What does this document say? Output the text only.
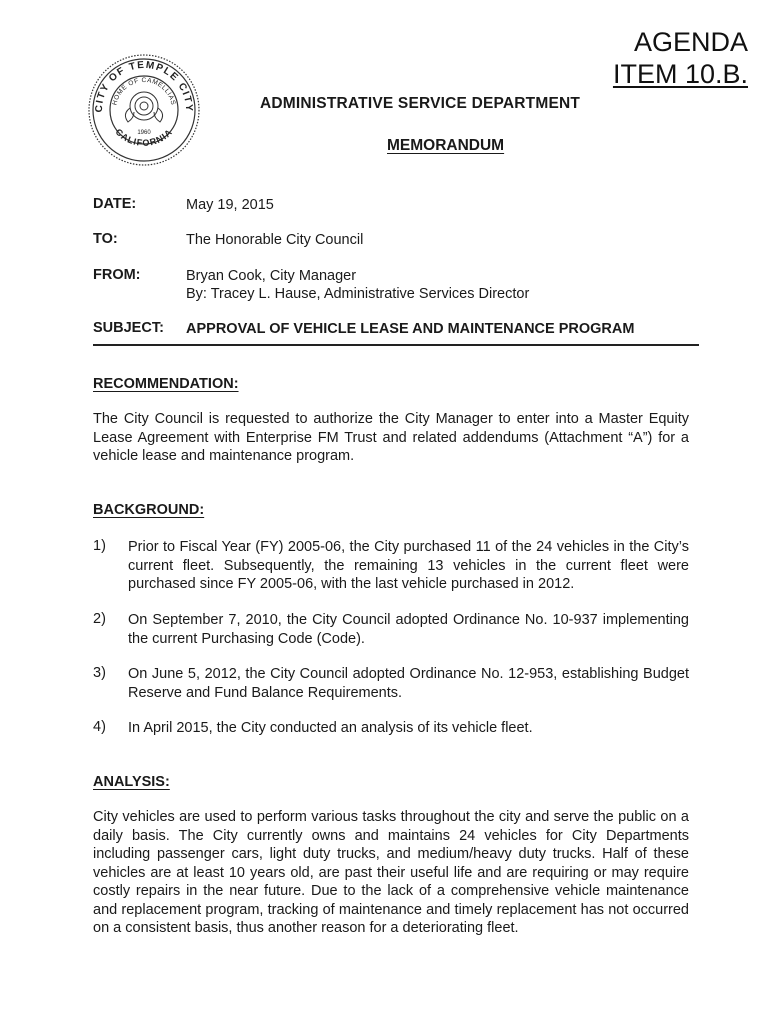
AGENDA
ITEM 10.B.
CITY OF TEMPLE CITY
HOME OF CAMELLIAS
CALIFORNIA
1960
ADMINISTRATIVE SERVICE DEPARTMENT
MEMORANDUM
DATE:	May 19, 2015
TO:	The Honorable City Council
FROM:	Bryan Cook, City Manager
By: Tracey L. Hause, Administrative Services Director
SUBJECT: APPROVAL OF VEHICLE LEASE AND MAINTENANCE PROGRAM
RECOMMENDATION:
The City Council is requested to authorize the City Manager to enter into a Master Equity Lease Agreement with Enterprise FM Trust and related addendums (Attachment “A”) for a vehicle lease and maintenance program.
BACKGROUND:
1) Prior to Fiscal Year (FY) 2005-06, the City purchased 11 of the 24 vehicles in the City’s current fleet. Subsequently, the remaining 13 vehicles in the current fleet were purchased since FY 2005-06, with the last vehicle purchased in 2012.
2) On September 7, 2010, the City Council adopted Ordinance No. 10-937 implementing the current Purchasing Code (Code).
3) On June 5, 2012, the City Council adopted Ordinance No. 12-953, establishing Budget Reserve and Fund Balance Requirements.
4) In April 2015, the City conducted an analysis of its vehicle fleet.
ANALYSIS:
City vehicles are used to perform various tasks throughout the city and serve the public on a daily basis. The City currently owns and maintains 24 vehicles for City Departments including passenger cars, light duty trucks, and medium/heavy duty trucks. Half of these vehicles are at least 10 years old, are past their useful life and are requiring or may require costly repairs in the near future. Due to the lack of a comprehensive vehicle maintenance and replacement program, tracking of maintenance and timely replacement has not occurred on a consistent basis, thus another reason for a deteriorating fleet.
